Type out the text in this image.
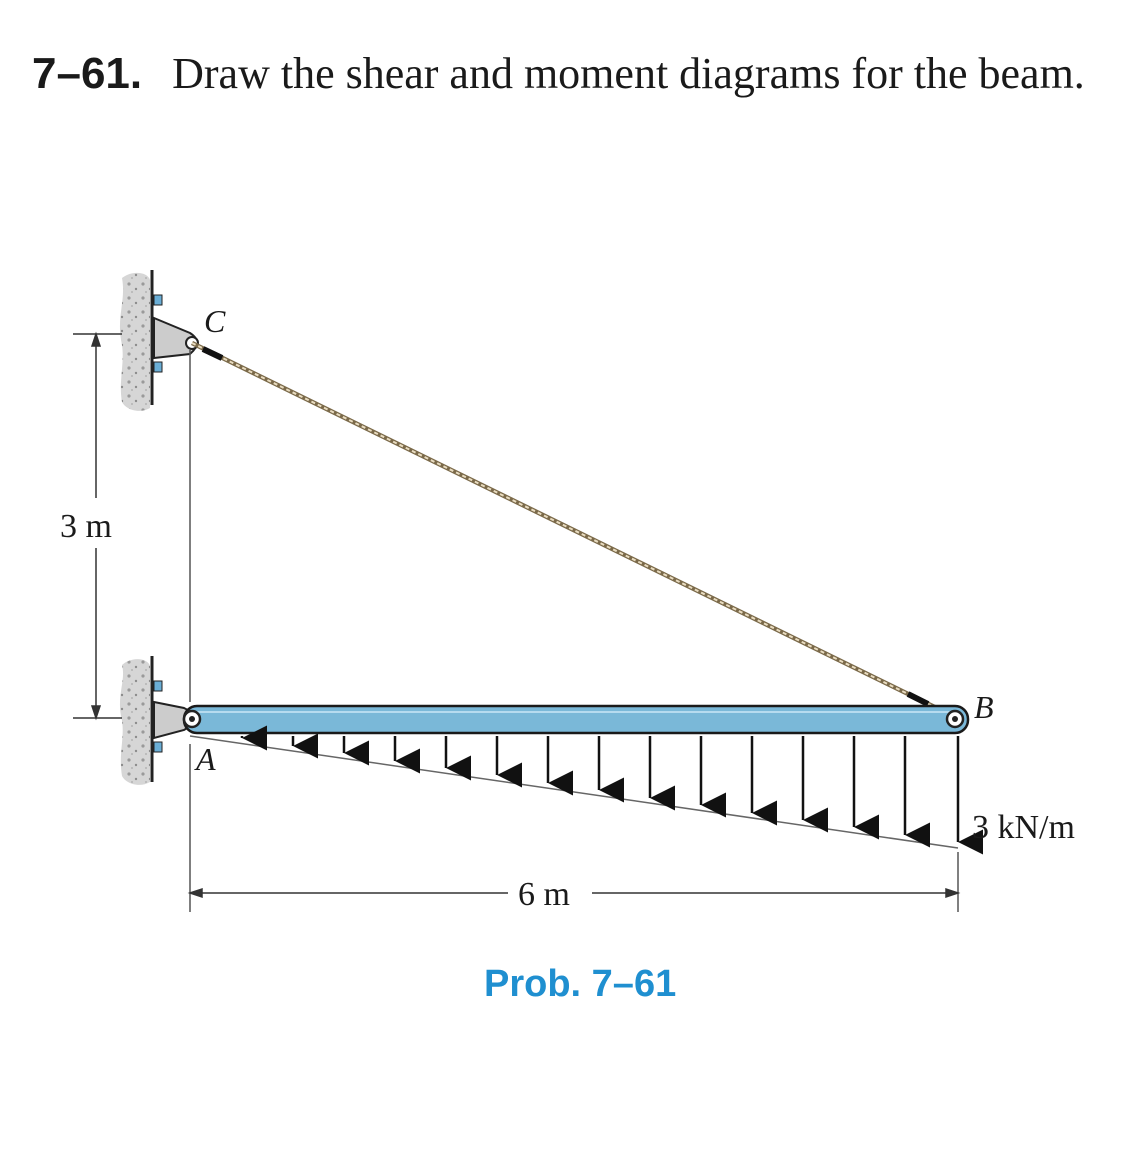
7–61. Draw the shear and moment diagrams for the beam.
C
A
B
3 m
6 m
3 kN/m
Prob. 7–61
